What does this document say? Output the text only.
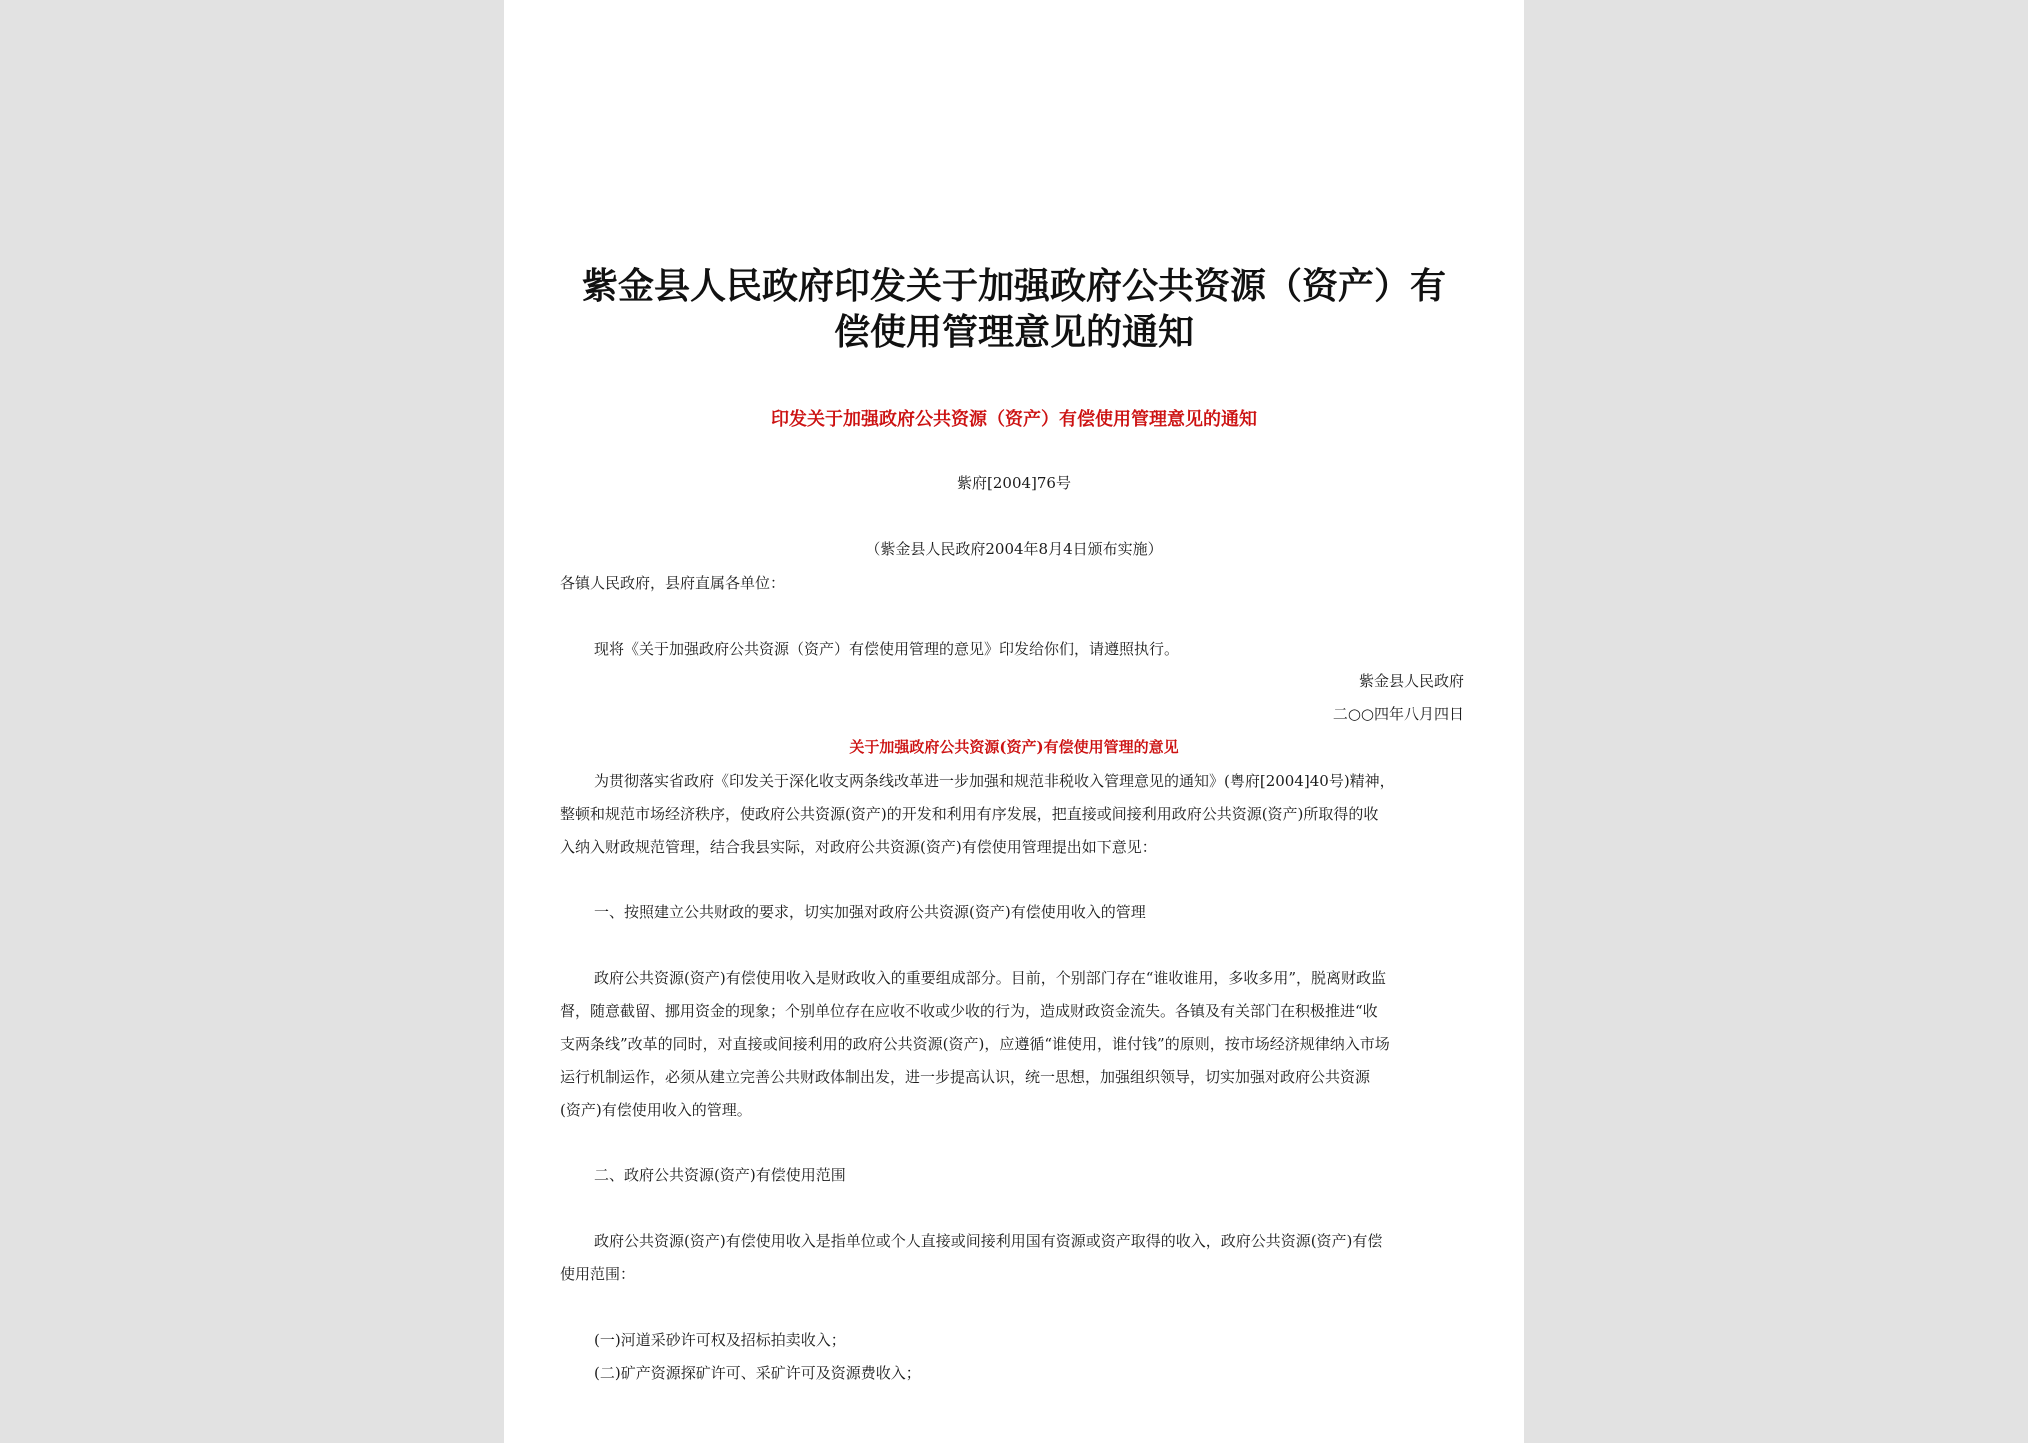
紫金县人民政府印发关于加强政府公共资源（资产）有
偿使用管理意见的通知
印发关于加强政府公共资源（资产）有偿使用管理意见的通知
紫府[2004]76号
（紫金县人民政府2004年8月4日颁布实施）
各镇人民政府，县府直属各单位：
现将《关于加强政府公共资源（资产）有偿使用管理的意见》印发给你们，请遵照执行。
紫金县人民政府
二○○四年八月四日
关于加强政府公共资源(资产)有偿使用管理的意见
为贯彻落实省政府《印发关于深化收支两条线改革进一步加强和规范非税收入管理意见的通知》(粤府[2004]40号)精神，
整顿和规范市场经济秩序，使政府公共资源(资产)的开发和利用有序发展，把直接或间接利用政府公共资源(资产)所取得的收
入纳入财政规范管理，结合我县实际，对政府公共资源(资产)有偿使用管理提出如下意见：
一、按照建立公共财政的要求，切实加强对政府公共资源(资产)有偿使用收入的管理
政府公共资源(资产)有偿使用收入是财政收入的重要组成部分。目前，个别部门存在“谁收谁用，多收多用”，脱离财政监
督，随意截留、挪用资金的现象；个别单位存在应收不收或少收的行为，造成财政资金流失。各镇及有关部门在积极推进“收
支两条线”改革的同时，对直接或间接利用的政府公共资源(资产)，应遵循“谁使用，谁付钱”的原则，按市场经济规律纳入市场
运行机制运作，必须从建立完善公共财政体制出发，进一步提高认识，统一思想，加强组织领导，切实加强对政府公共资源
(资产)有偿使用收入的管理。
二、政府公共资源(资产)有偿使用范围
政府公共资源(资产)有偿使用收入是指单位或个人直接或间接利用国有资源或资产取得的收入，政府公共资源(资产)有偿
使用范围：
(一)河道采砂许可权及招标拍卖收入；
(二)矿产资源探矿许可、采矿许可及资源费收入；
